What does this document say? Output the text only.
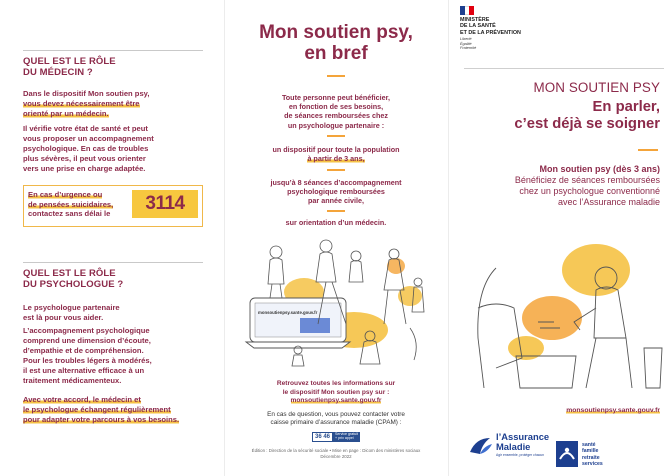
QUEL EST LE RÔLE
DU MÉDECIN ?
Dans le dispositif Mon soutien psy,
vous devez nécessairement être
orienté par un médecin.
Il vérifie votre état de santé et peut
vous proposer un accompagnement
psychologique. En cas de troubles
plus sévères, il peut vous orienter
vers une prise en charge adaptée.
En cas d’urgence ou
de pensées suicidaires,
contactez sans délai le	3114
QUEL EST LE RÔLE
DU PSYCHOLOGUE ?
Le psychologue partenaire
est là pour vous aider.
L’accompagnement psychologique
comprend une dimension d’écoute,
d’empathie et de compréhension.
Pour les troubles légers à modérés,
il est une alternative efficace à un
traitement médicamenteux.
Avec votre accord, le médecin et
le psychologue échangent régulièrement
pour adapter votre parcours à vos besoins.
Mon soutien psy,
en bref
Toute personne peut bénéficier,
en fonction de ses besoins,
de séances remboursées chez
un psychologue partenaire :
un dispositif pour toute la population
à partir de 3 ans,
jusqu’à 8 séances d’accompagnement
psychologique remboursées
par année civile,
sur orientation d’un médecin.
monsoutienpsy.sante.gouv.fr
Retrouvez toutes les informations sur
le dispositif Mon soutien psy sur :
monsoutienpsy.sante.gouv.fr
En cas de question, vous pouvez contacter votre
caisse primaire d’assurance maladie (CPAM) :
36 46	Service gratuit
+ prix appel
Édition : Direction de la sécurité sociale • Mise en page : Dicom des ministères sociaux
Décembre 2022
MINISTÈRE
DE LA SANTÉ
ET DE LA PRÉVENTION
Liberté
Égalité
Fraternité
MON SOUTIEN PSY
En parler,
c’est déjà se soigner
Mon soutien psy (dès 3 ans)
Bénéficiez de séances remboursées
chez un psychologue conventionné
avec l’Assurance maladie
monsoutienpsy.sante.gouv.fr
l’Assurance
Maladie
Agir ensemble, protéger chacun
santé
famille
retraite
services
